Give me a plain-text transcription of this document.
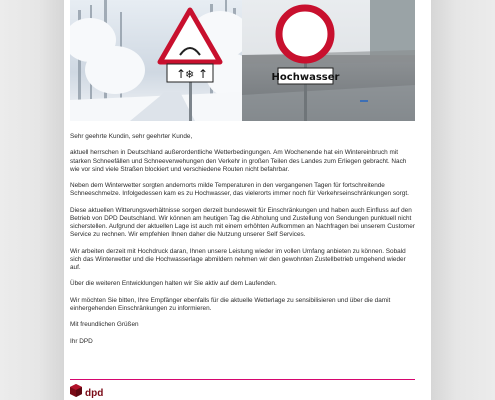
↑
❄ ↑	Hochwasser

Sehr geehrte Kundin, sehr geehrter Kunde,

aktuell herrschen in Deutschland außerordentliche Wetterbedingungen. Am Wochenende hat ein Wintereinbruch mit starken Schneefällen und Schneeverwehungen den Verkehr in großen Teilen des Landes zum Erliegen gebracht. Nach wie vor sind viele Straßen blockiert und verschiedene Routen nicht befahrbar.

Neben dem Winterwetter sorgten andernorts milde Temperaturen in den vergangenen Tagen für fortschreitende Schneeschmelze. Infolgedessen kam es zu Hochwasser, das vielerorts immer noch für Verkehrseinschränkungen sorgt.

Diese aktuellen Witterungsverhältnisse sorgen derzeit bundesweit für Einschränkungen und haben auch Einfluss auf den Betrieb von DPD Deutschland. Wir können am heutigen Tag die Abholung und Zustellung von Sendungen punktuell nicht sicherstellen. Aufgrund der aktuellen Lage ist auch mit einem erhöhten Aufkommen an Nachfragen bei unserem Customer Service zu rechnen. Wir empfehlen Ihnen daher die Nutzung unserer Self Services.

Wir arbeiten derzeit mit Hochdruck daran, Ihnen unsere Leistung wieder im vollen Umfang anbieten zu können. Sobald sich das Winterwetter und die Hochwasserlage abmildern nehmen wir den gewohnten Zustellbetrieb umgehend wieder auf.

Über die weiteren Entwicklungen halten wir Sie aktiv auf dem Laufenden.

Wir möchten Sie bitten, Ihre Empfänger ebenfalls für die aktuelle Wetterlage zu sensibilisieren und über die damit einhergehenden Einschränkungen zu informieren.

Mit freundlichen Grüßen

Ihr DPD

dpd
